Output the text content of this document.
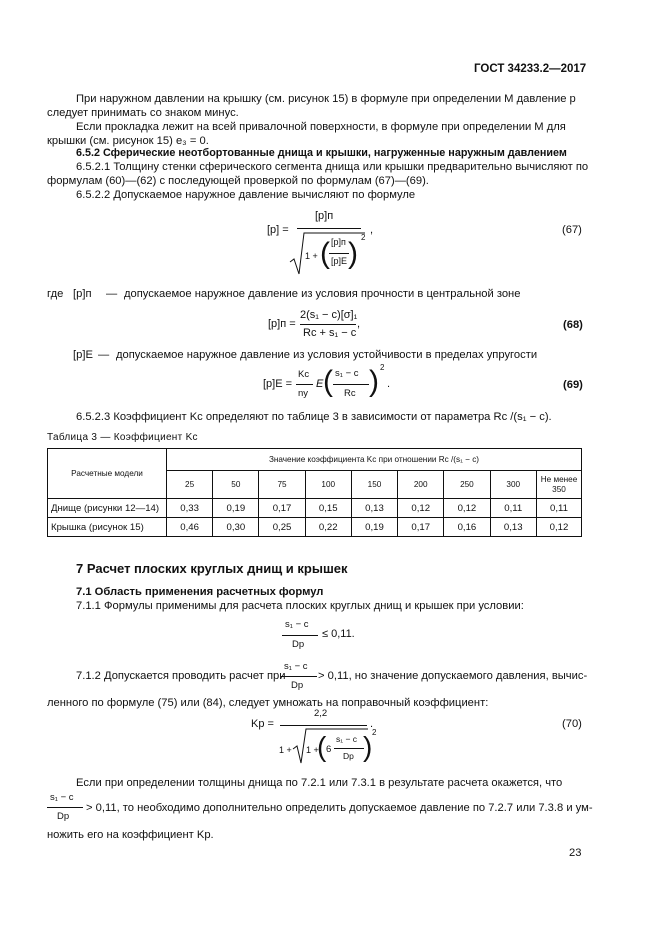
ГОСТ 34233.2—2017
При наружном давлении на крышку (см. рисунок 15) в формуле при определении M давление p
следует принимать со знаком минус.
Если прокладка лежит на всей привалочной поверхности, в формуле при определении M для
крышки (см. рисунок 15) e₃ = 0.
6.5.2 Сферические неотбортованные днища и крышки, нагруженные наружным давлением
6.5.2.1 Толщину стенки сферического сегмента днища или крышки предварительно вычисляют по
формулам (60)—(62) с последующей проверкой по формулам (67)—(69).
6.5.2.2 Допускаемое наружное давление вычисляют по формуле
[p] =
[p]п
1 + ( [p]п
[p]E ) 2
,	(67)
где [p]п — допускаемое наружное давление из условия прочности в центральной зоне
[p]п =
2(s₁ − c)[σ]₁
Rc + s₁ − c
,	(68)
[p]E — допускаемое наружное давление из условия устойчивости в пределах упругости
[p]E =
Kc
nу
E ( s₁ − c
Rc ) 2
.	(69)
6.5.2.3 Коэффициент Kc определяют по таблице 3 в зависимости от параметра Rc /(s₁ − c).
Таблица 3 — Коэффициент Kc
Расчетные модели	Значение коэффициента Kc при отношении Rc /(s₁ − c)								
	25	50	75	100	150	200	250	300	Не менее 350
Днище (рисунки 12—14)	0,33	0,19	0,17	0,15	0,13	0,12	0,12	0,11	0,11
Крышка (рисунок 15)	0,46	0,30	0,25	0,22	0,19	0,17	0,16	0,13	0,12
7 Расчет плоских круглых днищ и крышек
7.1 Область применения расчетных формул
7.1.1 Формулы применимы для расчета плоских круглых днищ и крышек при условии:
s₁ − c
Dр
≤ 0,11.
7.1.2 Допускается проводить расчет при
s₁ − c
Dр
> 0,11, но значение допускаемого давления, вычис-
ленного по формуле (75) или (84), следует умножать на поправочный коэффициент:
Kр =
2,2
1 + 1 +
( 6
s₁ − c
Dр ) 2
.	(70)
Если при определении толщины днища по 7.2.1 или 7.3.1 в результате расчета окажется, что
s₁ − c
Dр
> 0,11, то необходимо дополнительно определить допускаемое давление по 7.2.7 или 7.3.8 и ум-
ножить его на коэффициент Kр.
23
